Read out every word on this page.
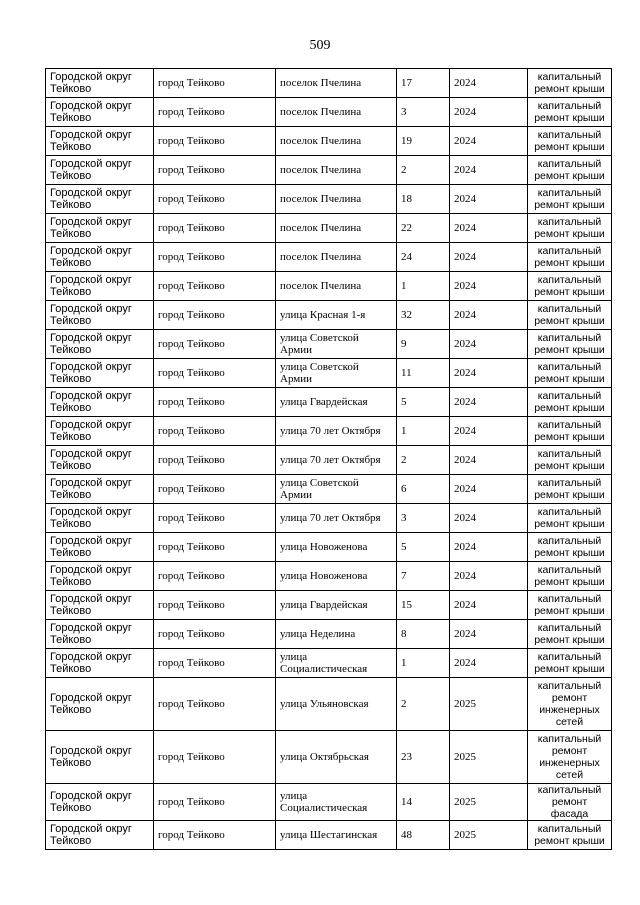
509
Городской округ Тейково	город Тейково	поселок Пчелина	17	2024	капитальный ремонт крыши
Городской округ Тейково	город Тейково	поселок Пчелина	3	2024	капитальный ремонт крыши
Городской округ Тейково	город Тейково	поселок Пчелина	19	2024	капитальный ремонт крыши
Городской округ Тейково	город Тейково	поселок Пчелина	2	2024	капитальный ремонт крыши
Городской округ Тейково	город Тейково	поселок Пчелина	18	2024	капитальный ремонт крыши
Городской округ Тейково	город Тейково	поселок Пчелина	22	2024	капитальный ремонт крыши
Городской округ Тейково	город Тейково	поселок Пчелина	24	2024	капитальный ремонт крыши
Городской округ Тейково	город Тейково	поселок Пчелина	1	2024	капитальный ремонт крыши
Городской округ Тейково	город Тейково	улица Красная 1-я	32	2024	капитальный ремонт крыши
Городской округ Тейково	город Тейково	улица Советской Армии	9	2024	капитальный ремонт крыши
Городской округ Тейково	город Тейково	улица Советской Армии	11	2024	капитальный ремонт крыши
Городской округ Тейково	город Тейково	улица Гвардейская	5	2024	капитальный ремонт крыши
Городской округ Тейково	город Тейково	улица 70 лет Октября	1	2024	капитальный ремонт крыши
Городской округ Тейково	город Тейково	улица 70 лет Октября	2	2024	капитальный ремонт крыши
Городской округ Тейково	город Тейково	улица Советской Армии	6	2024	капитальный ремонт крыши
Городской округ Тейково	город Тейково	улица 70 лет Октября	3	2024	капитальный ремонт крыши
Городской округ Тейково	город Тейково	улица Новоженова	5	2024	капитальный ремонт крыши
Городской округ Тейково	город Тейково	улица Новоженова	7	2024	капитальный ремонт крыши
Городской округ Тейково	город Тейково	улица Гвардейская	15	2024	капитальный ремонт крыши
Городской округ Тейково	город Тейково	улица Неделина	8	2024	капитальный ремонт крыши
Городской округ Тейково	город Тейково	улица Социалистическая	1	2024	капитальный ремонт крыши
Городской округ Тейково	город Тейково	улица Ульяновская	2	2025	капитальный ремонт инженерных сетей
Городской округ Тейково	город Тейково	улица Октябрьская	23	2025	капитальный ремонт инженерных сетей
Городской округ Тейково	город Тейково	улица Социалистическая	14	2025	капитальный ремонт фасада
Городской округ Тейково	город Тейково	улица Шестагинская	48	2025	капитальный ремонт крыши
